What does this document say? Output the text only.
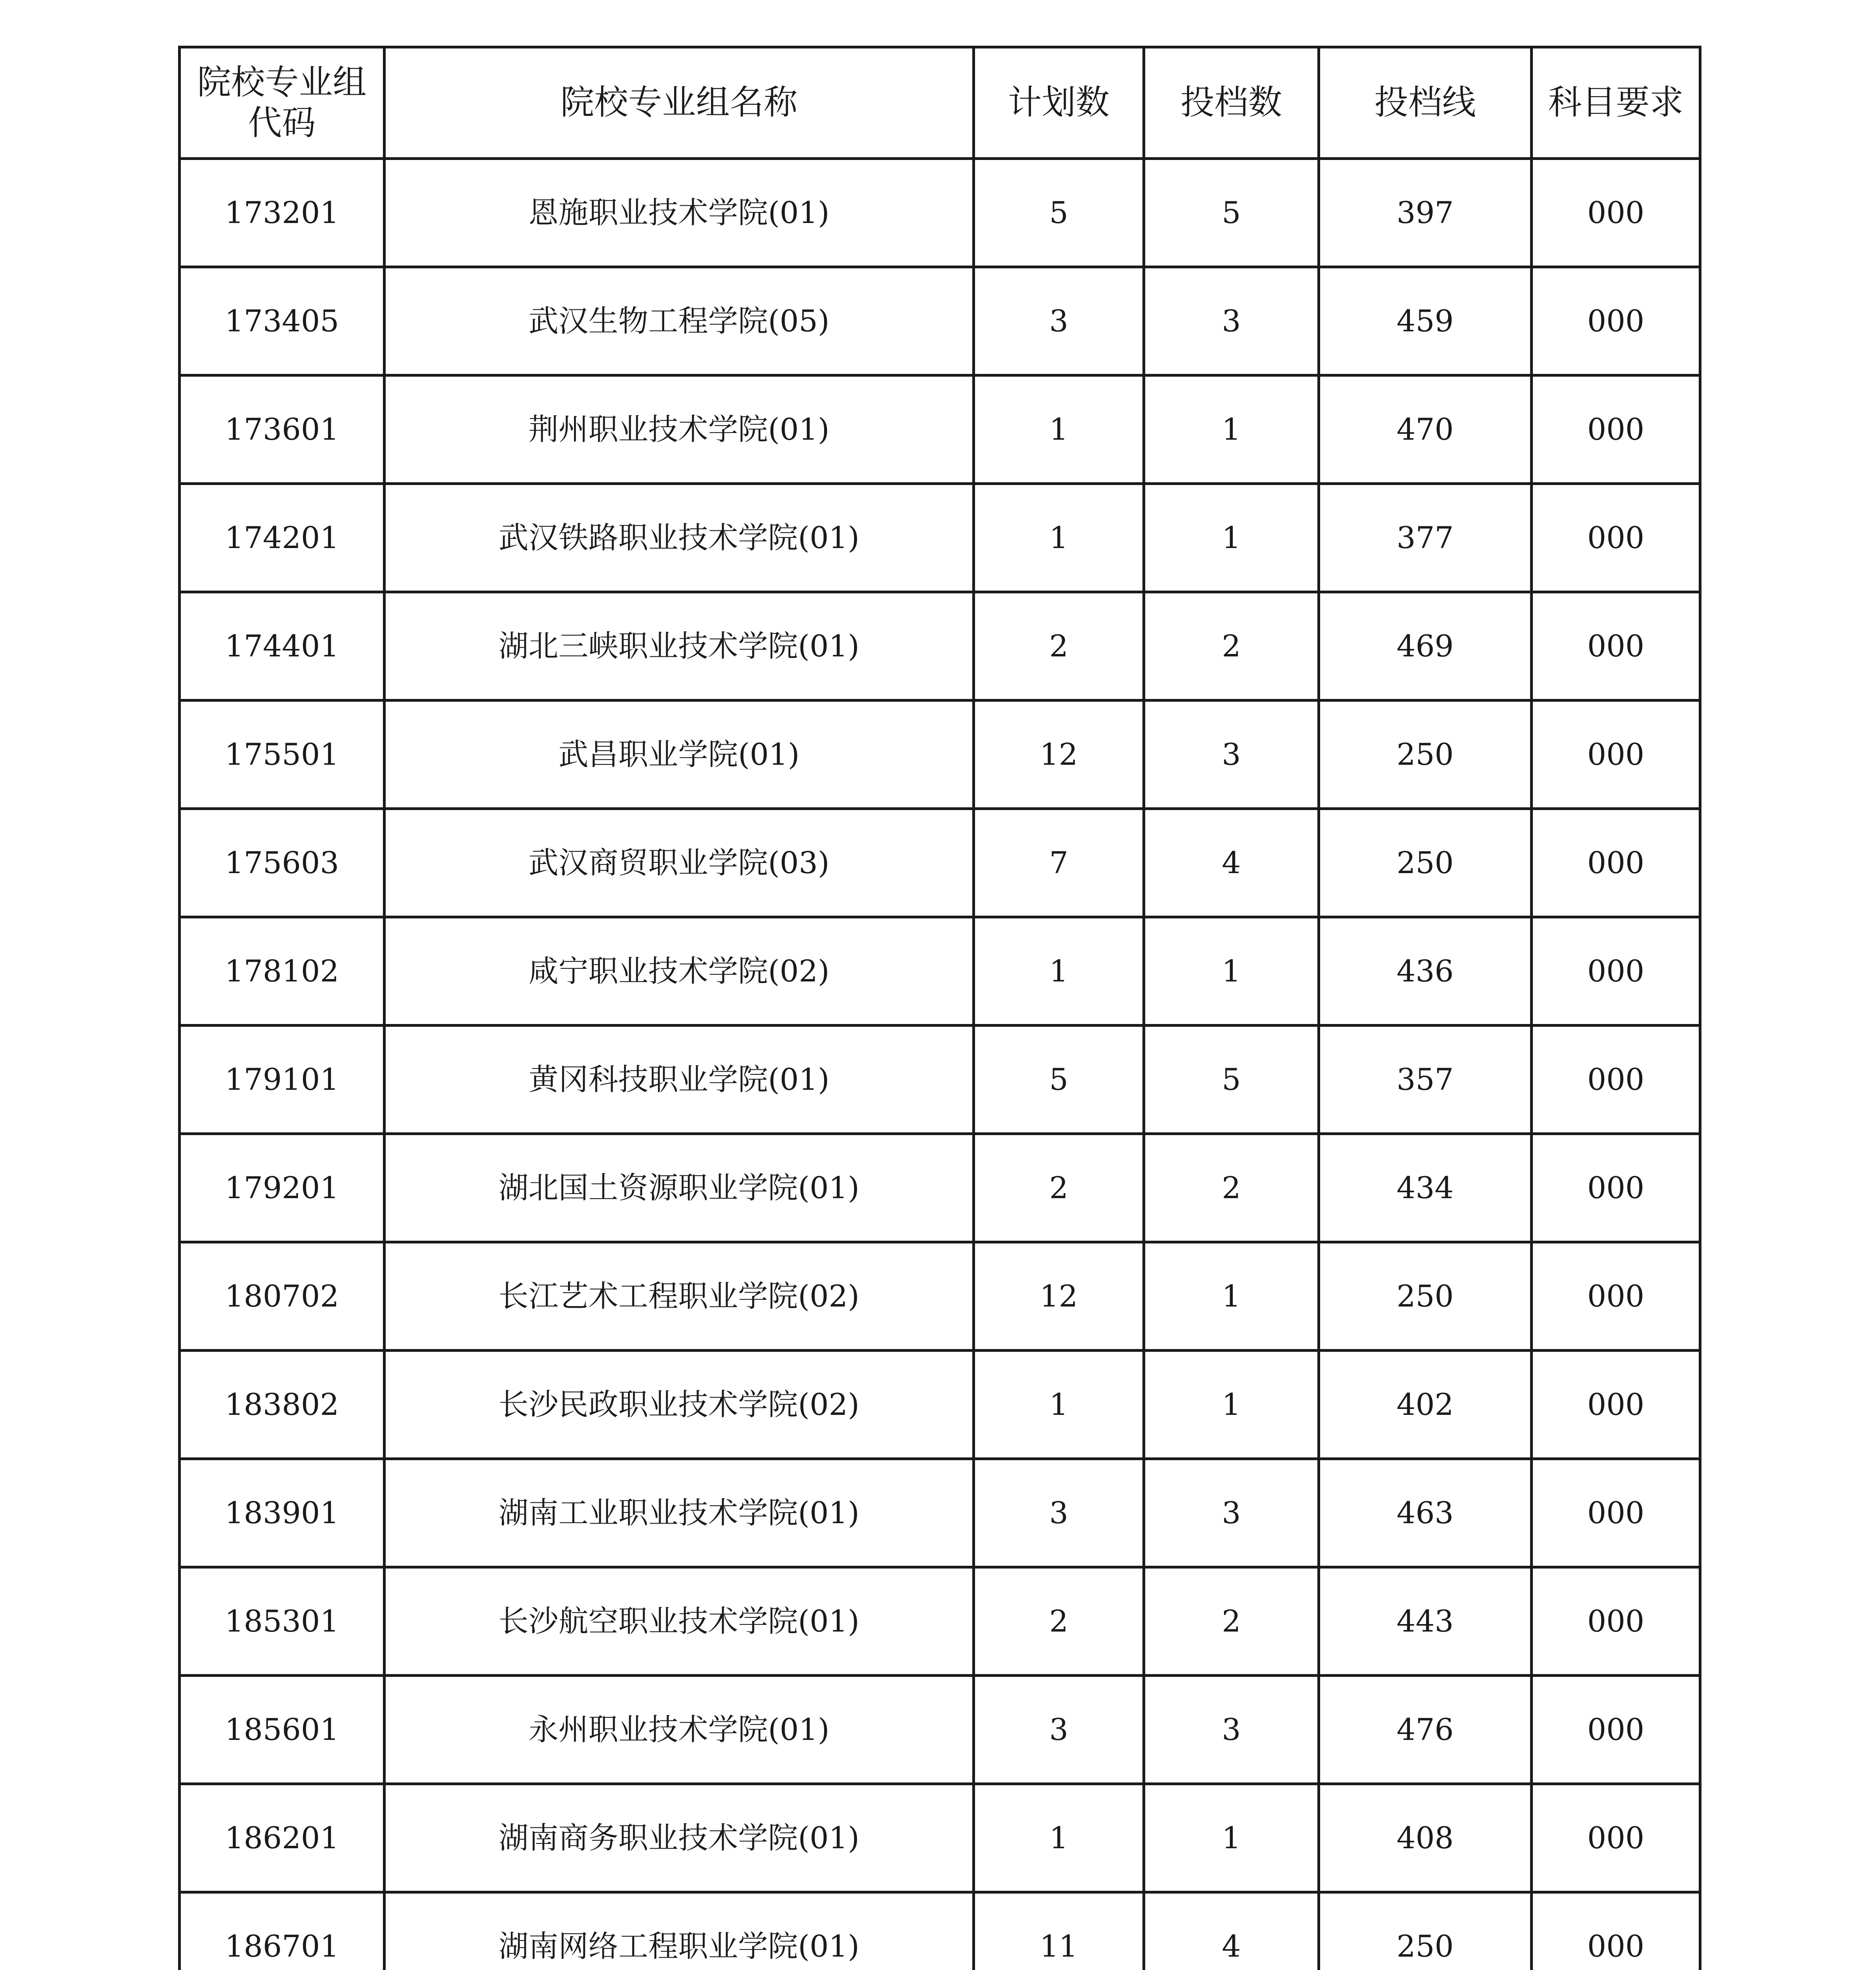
院校专业组代码	院校专业组名称	计划数	投档数	投档线	科目要求
173201	恩施职业技术学院(01)	5	5	397	000
173405	武汉生物工程学院(05)	3	3	459	000
173601	荆州职业技术学院(01)	1	1	470	000
174201	武汉铁路职业技术学院(01)	1	1	377	000
174401	湖北三峡职业技术学院(01)	2	2	469	000
175501	武昌职业学院(01)	12	3	250	000
175603	武汉商贸职业学院(03)	7	4	250	000
178102	咸宁职业技术学院(02)	1	1	436	000
179101	黄冈科技职业学院(01)	5	5	357	000
179201	湖北国土资源职业学院(01)	2	2	434	000
180702	长江艺术工程职业学院(02)	12	1	250	000
183802	长沙民政职业技术学院(02)	1	1	402	000
183901	湖南工业职业技术学院(01)	3	3	463	000
185301	长沙航空职业技术学院(01)	2	2	443	000
185601	永州职业技术学院(01)	3	3	476	000
186201	湖南商务职业技术学院(01)	1	1	408	000
186701	湖南网络工程职业学院(01)	11	4	250	000
